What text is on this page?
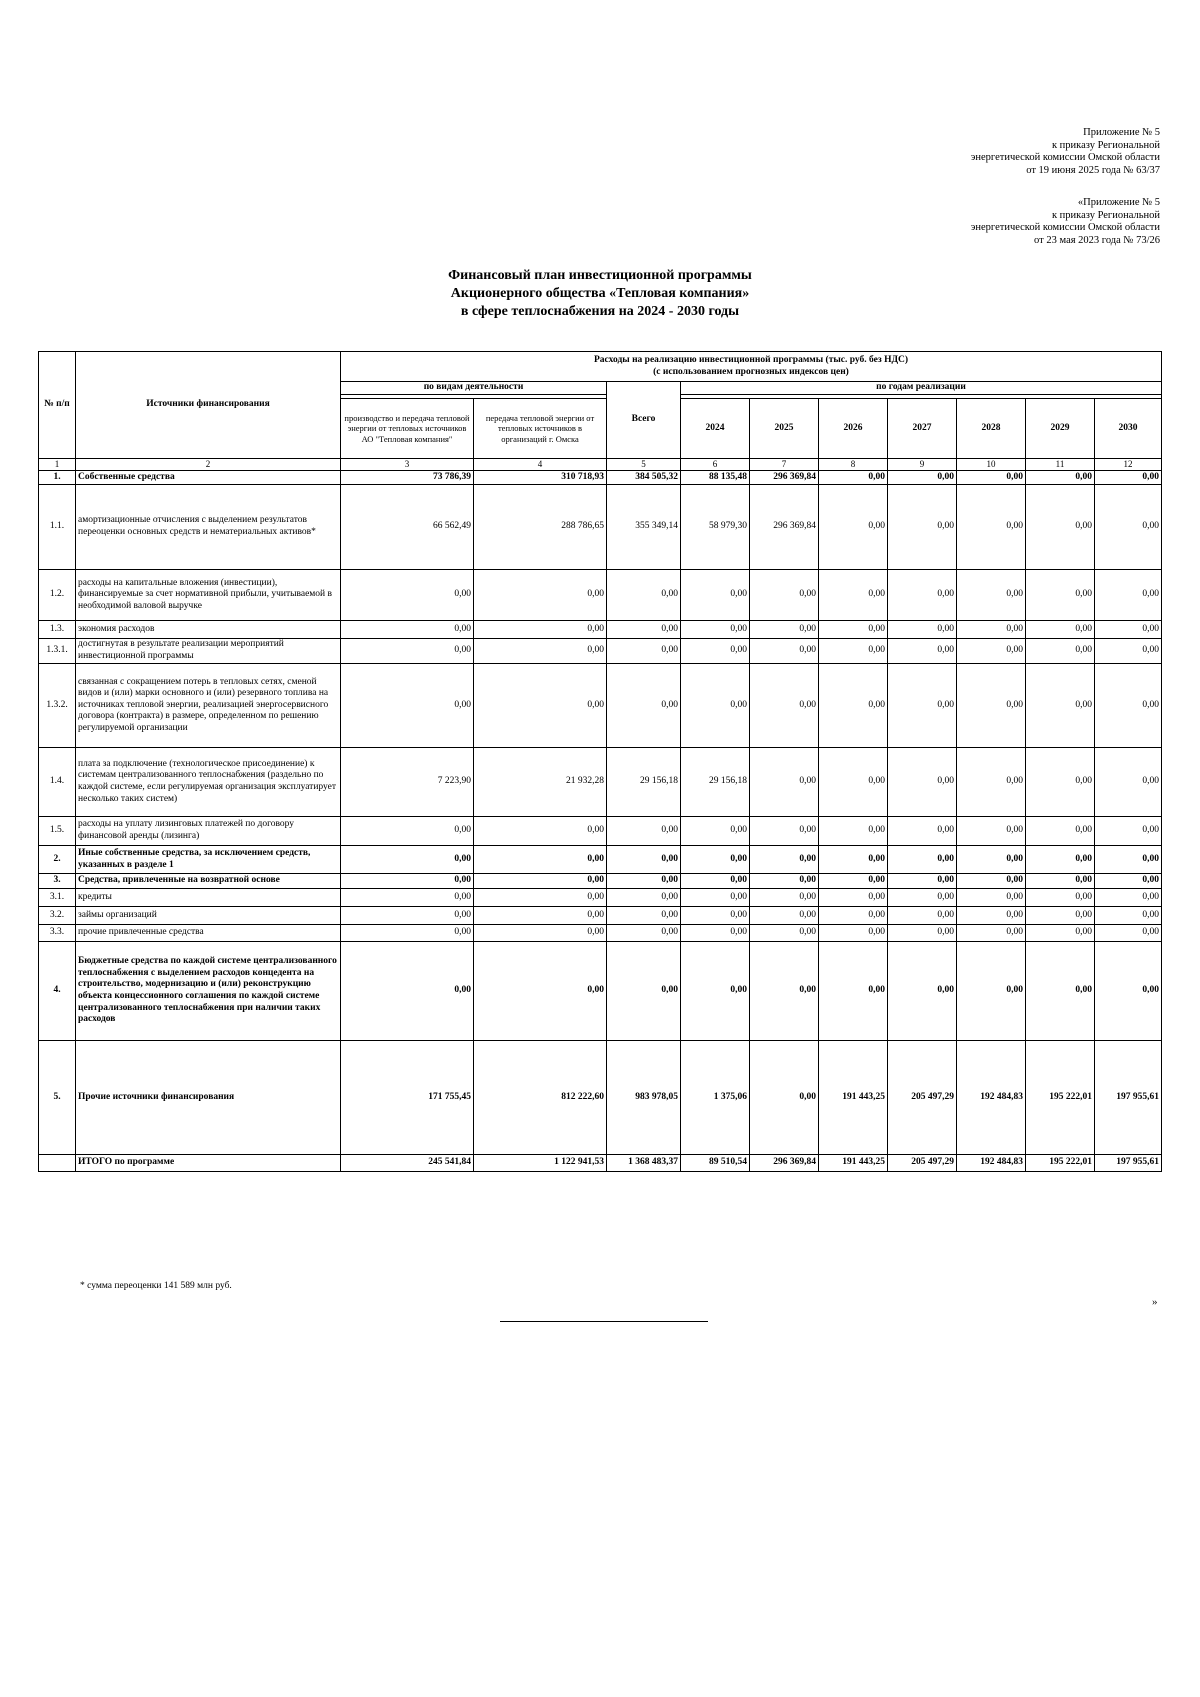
Приложение № 5
к приказу Региональной
энергетической комиссии Омской области
от 19 июня 2025 года № 63/37
«Приложение № 5
к приказу Региональной
энергетической комиссии Омской области
от 23 мая 2023 года № 73/26
Финансовый план инвестиционной программы
Акционерного общества «Тепловая компания»
в сфере теплоснабжения на 2024 - 2030 годы
№ п/п	Источники финансирования	Расходы на реализацию инвестиционной программы (тыс. руб. без НДС)
(с использованием прогнозных индексов цен)									

		по видам деятельности		Всего	по годам реализации						

		производство и передача тепловой энергии от тепловых источников АО "Тепловая компания"	передача тепловой энергии от тепловых источников в организаций г. Омска		2024	2025	2026	2027	2028	2029	2030

1	2	3	4	5	6	7	8	9	10	11	12
1.	Собственные средства	73 786,39	310 718,93	384 505,32	88 135,48	296 369,84	0,00	0,00	0,00	0,00	0,00
1.1.	амортизационные отчисления с выделением результатов переоценки основных средств и нематериальных активов*	66 562,49	288 786,65	355 349,14	58 979,30	296 369,84	0,00	0,00	0,00	0,00	0,00
1.2.	расходы на капитальные вложения (инвестиции), финансируемые за счет нормативной прибыли, учитываемой в необходимой валовой выручке	0,00	0,00	0,00	0,00	0,00	0,00	0,00	0,00	0,00	0,00
1.3.	экономия расходов	0,00	0,00	0,00	0,00	0,00	0,00	0,00	0,00	0,00	0,00
1.3.1.	достигнутая в результате реализации мероприятий инвестиционной программы	0,00	0,00	0,00	0,00	0,00	0,00	0,00	0,00	0,00	0,00
1.3.2.	связанная с сокращением потерь в тепловых сетях, сменой видов и (или) марки основного и (или) резервного топлива на источниках тепловой энергии, реализацией энергосервисного договора (контракта) в размере, определенном по решению регулируемой организации	0,00	0,00	0,00	0,00	0,00	0,00	0,00	0,00	0,00	0,00
1.4.	плата за подключение (технологическое присоединение) к системам централизованного теплоснабжения (раздельно по каждой системе, если регулируемая организация эксплуатирует несколько таких систем)	7 223,90	21 932,28	29 156,18	29 156,18	0,00	0,00	0,00	0,00	0,00	0,00
1.5.	расходы на уплату лизинговых платежей по договору финансовой аренды (лизинга)	0,00	0,00	0,00	0,00	0,00	0,00	0,00	0,00	0,00	0,00
2.	Иные собственные средства, за исключением средств, указанных в разделе 1	0,00	0,00	0,00	0,00	0,00	0,00	0,00	0,00	0,00	0,00
3.	Средства, привлеченные на возвратной основе	0,00	0,00	0,00	0,00	0,00	0,00	0,00	0,00	0,00	0,00
3.1.	кредиты	0,00	0,00	0,00	0,00	0,00	0,00	0,00	0,00	0,00	0,00
3.2.	займы организаций	0,00	0,00	0,00	0,00	0,00	0,00	0,00	0,00	0,00	0,00
3.3.	прочие привлеченные средства	0,00	0,00	0,00	0,00	0,00	0,00	0,00	0,00	0,00	0,00
4.	Бюджетные средства по каждой системе централизованного теплоснабжения с выделением расходов концедента на строительство, модернизацию и (или) реконструкцию объекта концессионного соглашения по каждой системе централизованного теплоснабжения при наличии таких расходов	0,00	0,00	0,00	0,00	0,00	0,00	0,00	0,00	0,00	0,00
5.	Прочие источники финансирования	171 755,45	812 222,60	983 978,05	1 375,06	0,00	191 443,25	205 497,29	192 484,83	195 222,01	197 955,61
	ИТОГО по программе	245 541,84	1 122 941,53	1 368 483,37	89 510,54	296 369,84	191 443,25	205 497,29	192 484,83	195 222,01	197 955,61
* сумма переоценки 141 589 млн руб.
»
